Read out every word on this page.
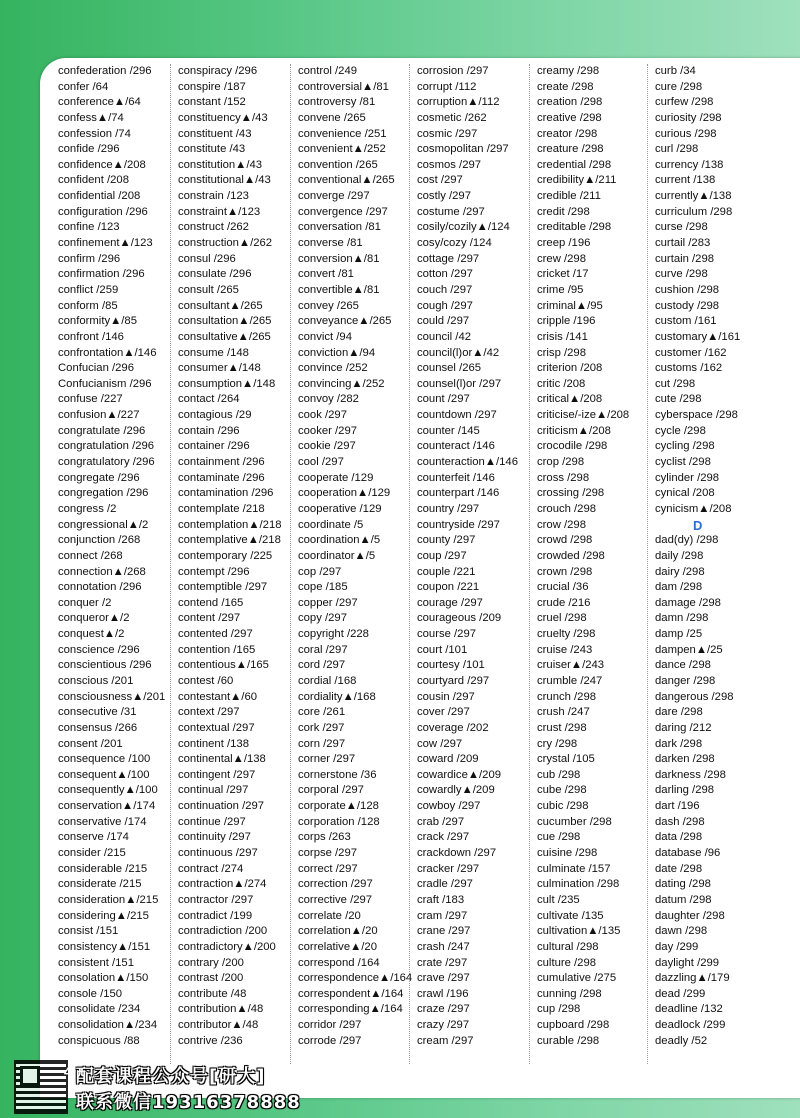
confederation /296
confer /64
conference▲/64
confess▲/74
confession /74
confide /296
confidence▲/208
confident /208
confidential /208
configuration /296
confine /123
confinement▲/123
confirm /296
confirmation /296
conflict /259
conform /85
conformity▲/85
confront /146
confrontation▲/146
Confucian /296
Confucianism /296
confuse /227
confusion▲/227
congratulate /296
congratulation /296
congratulatory /296
congregate /296
congregation /296
congress /2
congressional▲/2
conjunction /268
connect /268
connection▲/268
connotation /296
conquer /2
conqueror▲/2
conquest▲/2
conscience /296
conscientious /296
conscious /201
consciousness▲/201
consecutive /31
consensus /266
consent /201
consequence /100
consequent▲/100
consequently▲/100
conservation▲/174
conservative /174
conserve /174
consider /215
considerable /215
considerate /215
consideration▲/215
considering▲/215
consist /151
consistency▲/151
consistent /151
consolation▲/150
console /150
consolidate /234
consolidation▲/234
conspicuous /88
conspiracy /296
conspire /187
constant /152
constituency▲/43
constituent /43
constitute /43
constitution▲/43
constitutional▲/43
constrain /123
constraint▲/123
construct /262
construction▲/262
consul /296
consulate /296
consult /265
consultant▲/265
consultation▲/265
consultative▲/265
consume /148
consumer▲/148
consumption▲/148
contact /264
contagious /29
contain /296
container /296
containment /296
contaminate /296
contamination /296
contemplate /218
contemplation▲/218
contemplative▲/218
contemporary /225
contempt /296
contemptible /297
contend /165
content /297
contented /297
contention /165
contentious▲/165
contest /60
contestant▲/60
context /297
contextual /297
continent /138
continental▲/138
contingent /297
continual /297
continuation /297
continue /297
continuity /297
continuous /297
contract /274
contraction▲/274
contractor /297
contradict /199
contradiction /200
contradictory▲/200
contrary /200
contrast /200
contribute /48
contribution▲/48
contributor▲/48
contrive /236
control /249
controversial▲/81
controversy /81
convene /265
convenience /251
convenient▲/252
convention /265
conventional▲/265
converge /297
convergence /297
conversation /81
converse /81
conversion▲/81
convert /81
convertible▲/81
convey /265
conveyance▲/265
convict /94
conviction▲/94
convince /252
convincing▲/252
convoy /282
cook /297
cooker /297
cookie /297
cool /297
cooperate /129
cooperation▲/129
cooperative /129
coordinate /5
coordination▲/5
coordinator▲/5
cop /297
cope /185
copper /297
copy /297
copyright /228
coral /297
cord /297
cordial /168
cordiality▲/168
core /261
cork /297
corn /297
corner /297
cornerstone /36
corporal /297
corporate▲/128
corporation /128
corps /263
corpse /297
correct /297
correction /297
corrective /297
correlate /20
correlation▲/20
correlative▲/20
correspond /164
correspondence▲/164
correspondent▲/164
corresponding▲/164
corridor /297
corrode /297
corrosion /297
corrupt /112
corruption▲/112
cosmetic /262
cosmic /297
cosmopolitan /297
cosmos /297
cost /297
costly /297
costume /297
cosily/cozily▲/124
cosy/cozy /124
cottage /297
cotton /297
couch /297
cough /297
could /297
council /42
council(l)or▲/42
counsel /265
counsel(l)or /297
count /297
countdown /297
counter /145
counteract /146
counteraction▲/146
counterfeit /146
counterpart /146
country /297
countryside /297
county /297
coup /297
couple /221
coupon /221
courage /297
courageous /209
course /297
court /101
courtesy /101
courtyard /297
cousin /297
cover /297
coverage /202
cow /297
coward /209
cowardice▲/209
cowardly▲/209
cowboy /297
crab /297
crack /297
crackdown /297
cracker /297
cradle /297
craft /183
cram /297
crane /297
crash /247
crate /297
crave /297
crawl /196
craze /297
crazy /297
cream /297
creamy /298
create /298
creation /298
creative /298
creator /298
creature /298
credential /298
credibility▲/211
credible /211
credit /298
creditable /298
creep /196
crew /298
cricket /17
crime /95
criminal▲/95
cripple /196
crisis /141
crisp /298
criterion /208
critic /208
critical▲/208
criticise/-ize▲/208
criticism▲/208
crocodile /298
crop /298
cross /298
crossing /298
crouch /298
crow /298
crowd /298
crowded /298
crown /298
crucial /36
crude /216
cruel /298
cruelty /298
cruise /243
cruiser▲/243
crumble /247
crunch /298
crush /247
crust /298
cry /298
crystal /105
cub /298
cube /298
cubic /298
cucumber /298
cue /298
cuisine /298
culminate /157
culmination /298
cult /235
cultivate /135
cultivation▲/135
cultural /298
culture /298
cumulative /275
cunning /298
cup /298
cupboard /298
curable /298
curb /34
cure /298
curfew /298
curiosity /298
curious /298
curl /298
currency /138
current /138
currently▲/138
curriculum /298
curse /298
curtail /283
curtain /298
curve /298
cushion /298
custody /298
custom /161
customary▲/161
customer /162
customs /162
cut /298
cute /298
cyberspace /298
cycle /298
cycling /298
cyclist /298
cylinder /298
cynical /208
cynicism▲/208
D
dad(dy) /298
daily /298
dairy /298
dam /298
damage /298
damn /298
damp /25
dampen▲/25
dance /298
danger /298
dangerous /298
dare /298
daring /212
dark /298
darken /298
darkness /298
darling /298
dart /196
dash /298
data /298
database /96
date /298
dating /298
datum /298
daughter /298
dawn /298
day /299
daylight /299
dazzling▲/179
dead /299
deadline /132
deadlock /299
deadly /52
46
配套课程公众号[研大]
联系微信19316378888
